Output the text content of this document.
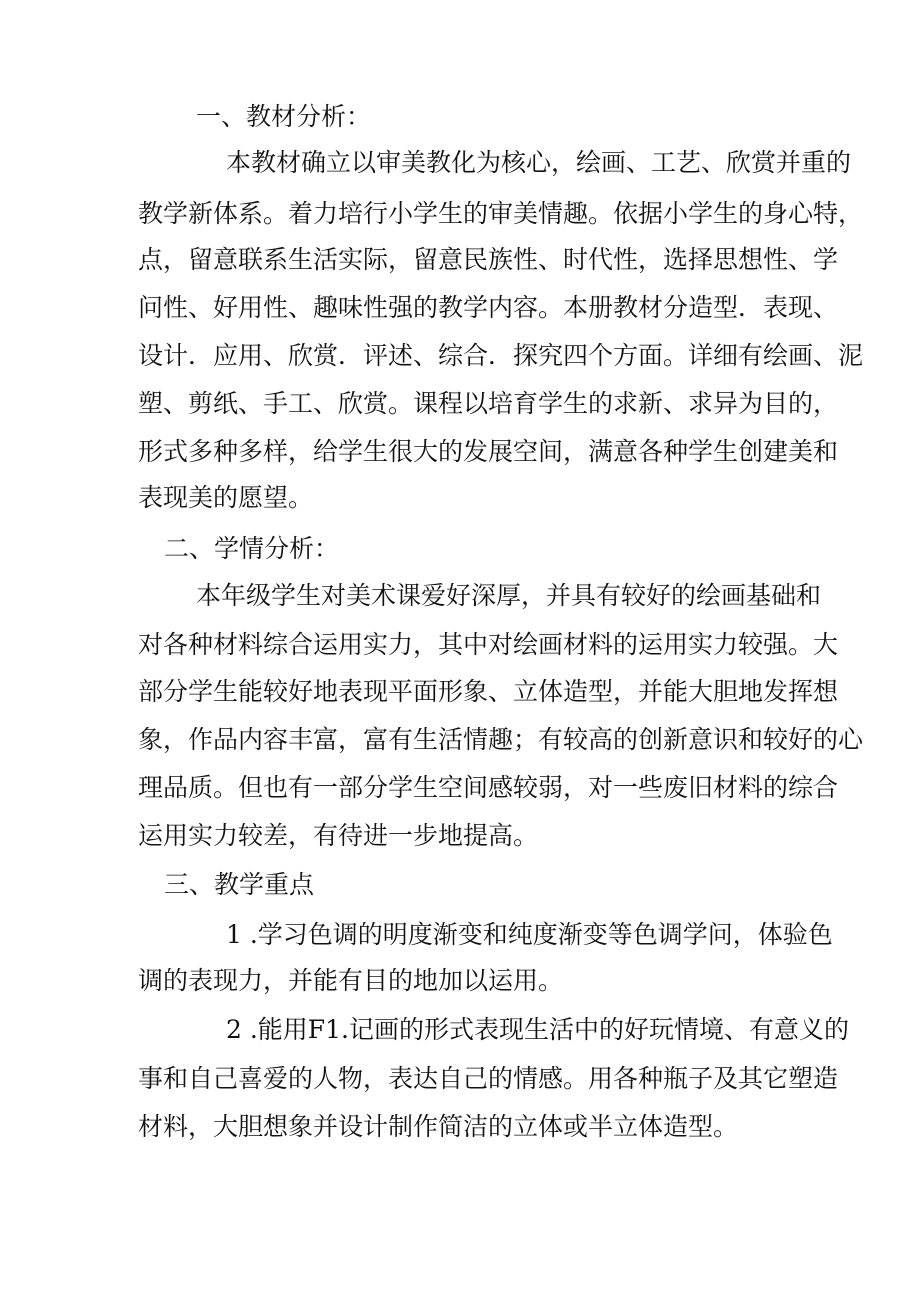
一、教材分析：

本教材确立以审美教化为核心，绘画、工艺、欣赏并重的

教学新体系。着力培行小学生的审美情趣。依据小学生的身心特，

点，留意联系生活实际，留意民族性、时代性，选择思想性、学

问性、好用性、趣味性强的教学内容。本册教材分造型．表现、

设计．应用、欣赏．评述、综合．探究四个方面。详细有绘画、泥

塑、剪纸、手工、欣赏。课程以培育学生的求新、求异为目的，

形式多种多样，给学生很大的发展空间，满意各种学生创建美和

表现美的愿望。

二、学情分析：

本年级学生对美术课爱好深厚，并具有较好的绘画基础和

对各种材料综合运用实力，其中对绘画材料的运用实力较强。大

部分学生能较好地表现平面形象、立体造型，并能大胆地发挥想

象，作品内容丰富，富有生活情趣；有较高的创新意识和较好的心

理品质。但也有一部分学生空间感较弱，对一些废旧材料的综合

运用实力较差，有待进一步地提高。

三、教学重点

1 .学习色调的明度渐变和纯度渐变等色调学问，体验色

调的表现力，并能有目的地加以运用。

2 .能用F1.记画的形式表现生活中的好玩情境、有意义的

事和自己喜爱的人物，表达自己的情感。用各种瓶子及其它塑造

材料，大胆想象并设计制作简洁的立体或半立体造型。
